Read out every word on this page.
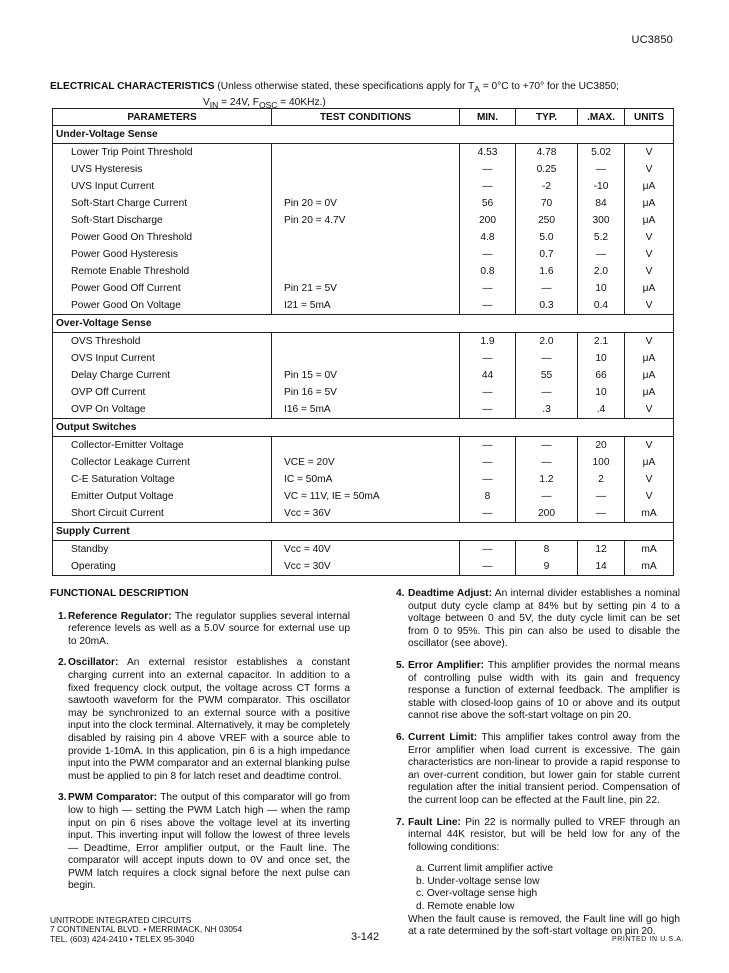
UC3850
ELECTRICAL CHARACTERISTICS (Unless otherwise stated, these specifications apply for $T_A = 0^\circ C$ to +70° for the UC3850;
$V_{IN} = 24V$, $F_{OSC} = 40KHz$.)
PARAMETERS	TEST CONDITIONS	MIN.	TYP.	.MAX.	UNITS
Under-Voltage Sense					
Lower Trip Point Threshold		4.53	4.78	5.02	V
UVS Hysteresis		—	0.25	—	V
UVS Input Current		—	-2	-10	μA
Soft-Start Charge Current	Pin 20 = 0V	56	70	84	μA
Soft-Start Discharge	Pin 20 = 4.7V	200	250	300	μA
Power Good On Threshold		4.8	5.0	5.2	V
Power Good Hysteresis		—	0.7	—	V
Remote Enable Threshold		0.8	1.6	2.0	V
Power Good Off Current	Pin 21 = 5V	—	—	10	μA
Power Good On Voltage	I21 = 5mA	—	0.3	0.4	V
Over-Voltage Sense					
OVS Threshold		1.9	2.0	2.1	V
OVS Input Current		—	—	10	μA
Delay Charge Current	Pin 15 = 0V	44	55	66	μA
OVP Off Current	Pin 16 = 5V	—	—	10	μA
OVP On Voltage	I16 = 5mA	—	.3	.4	V
Output Switches					
Collector-Emitter Voltage		—	—	20	V
Collector Leakage Current	VCE = 20V	—	—	100	μA
C-E Saturation Voltage	IC = 50mA	—	1.2	2	V
Emitter Output Voltage	VC = 11V, IE = 50mA	8	—	—	V
Short Circuit Current	Vcc = 36V	—	200	—	mA
Supply Current					
Standby	Vcc = 40V	—	8	12	mA
Operating	Vcc = 30V	—	9	14	mA
FUNCTIONAL DESCRIPTION
1. Reference Regulator: The regulator supplies several internal reference levels as well as a 5.0V source for external use up to 20mA.
2. Oscillator: An external resistor establishes a constant charging current into an external capacitor. In addition to a fixed frequency clock output, the voltage across CT forms a sawtooth waveform for the PWM comparator. This oscillator may be synchronized to an external source with a positive input into the clock terminal. Alternatively, it may be completely disabled by raising pin 4 above VREF with a source able to provide 1-10mA. In this application, pin 6 is a high impedance input into the PWM comparator and an external blanking pulse must be applied to pin 8 for latch reset and deadtime control.
3. PWM Comparator: The output of this comparator will go from low to high — setting the PWM Latch high — when the ramp input on pin 6 rises above the voltage level at its inverting input. This inverting input will follow the lowest of three levels — Deadtime, Error amplifier output, or the Fault line. The comparator will accept inputs down to 0V and once set, the PWM latch requires a clock signal before the next pulse can begin.
4. Deadtime Adjust: An internal divider establishes a nominal output duty cycle clamp at 84% but by setting pin 4 to a voltage between 0 and 5V, the duty cycle limit can be set from 0 to 95%. This pin can also be used to disable the oscillator (see above).
5. Error Amplifier: This amplifier provides the normal means of controlling pulse width with its gain and frequency response a function of external feedback. The amplifier is stable with closed-loop gains of 10 or above and its output cannot rise above the soft-start voltage on pin 20.
6. Current Limit: This amplifier takes control away from the Error amplifier when load current is excessive. The gain characteristics are non-linear to provide a rapid response to an over-current condition, but lower gain for stable current regulation after the initial transient period. Compensation of the current loop can be effected at the Fault line, pin 22.
7. Fault Line: Pin 22 is normally pulled to VREF through an internal 44K resistor, but will be held low for any of the following conditions:
a. Current limit amplifier active
b. Under-voltage sense low
c. Over-voltage sense high
d. Remote enable low
When the fault cause is removed, the Fault line will go high at a rate determined by the soft-start voltage on pin 20.
UNITRODE INTEGRATED CIRCUITS
7 CONTINENTAL BLVD. • MERRIMACK, NH 03054
TEL. (603) 424-2410 • TELEX 95-3040	3-142	PRINTED IN U.S.A.
